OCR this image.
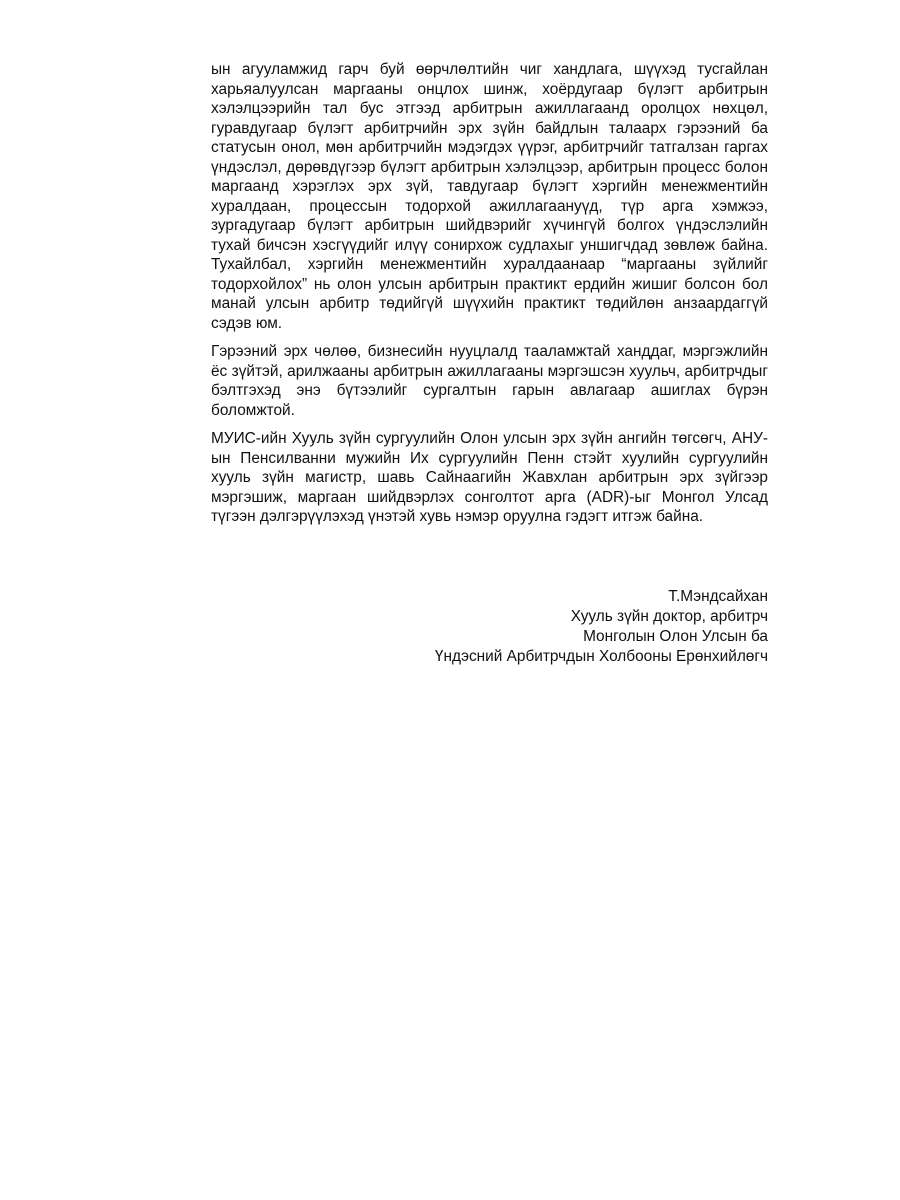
ын агууламжид гарч буй өөрчлөлтийн чиг хандлага, шүүхэд тусгайлан харьяалуулсан маргааны онцлох шинж, хоёрдугаар бүлэгт арбитрын хэлэлцээрийн тал бус этгээд арбитрын ажиллагаанд оролцох нөхцөл, гуравдугаар бүлэгт арбитрчийн эрх зүйн байдлын талаарх гэрээний ба статусын онол, мөн арбитрчийн мэдэгдэх үүрэг, арбитрчийг татгалзан гаргах үндэслэл, дөрөвдүгээр бүлэгт арбитрын хэлэлцээр, арбитрын процесс болон маргаанд хэрэглэх эрх зүй, тавдугаар бүлэгт хэргийн менежментийн хуралдаан, процессын тодорхой ажиллагаануүд, түр арга хэмжээ, зургадугаар бүлэгт арбитрын шийдвэрийг хүчингүй болгох үндэслэлийн тухай бичсэн хэсгүүдийг илүү сонирхож судлахыг уншигчдад зөвлөж байна. Тухайлбал, хэргийн менежментийн хуралдаанаар “маргааны зүйлийг тодорхойлох” нь олон улсын арбитрын практикт ердийн жишиг болсон бол манай улсын арбитр төдийгүй шүүхийн практикт төдийлөн анзаардаггүй сэдэв юм.

Гэрээний эрх чөлөө, бизнесийн нууцлалд тааламжтай ханддаг, мэргэжлийн ёс зүйтэй, арилжааны арбитрын ажиллагааны мэргэшсэн хуульч, арбитрчдыг бэлтгэхэд энэ бүтээлийг сургалтын гарын авлагаар ашиглах бүрэн боломжтой.

МУИС-ийн Хууль зүйн сургуулийн Олон улсын эрх зүйн ангийн төгсөгч, АНУ-ын Пенсилванни мужийн Их сургуулийн Пенн стэйт хуулийн сургуулийн хууль зүйн магистр, шавь Сайнаагийн Жавхлан арбитрын эрх зүйгээр мэргэшиж, маргаан шийдвэрлэх сонголтот арга (ADR)-ыг Монгол Улсад түгээн дэлгэрүүлэхэд үнэтэй хувь нэмэр оруулна гэдэгт итгэж байна.

Т.Мэндсайхан
Хууль зүйн доктор, арбитрч
Монголын Олон Улсын ба
Үндэсний Арбитрчдын Холбооны Ерөнхийлөгч
